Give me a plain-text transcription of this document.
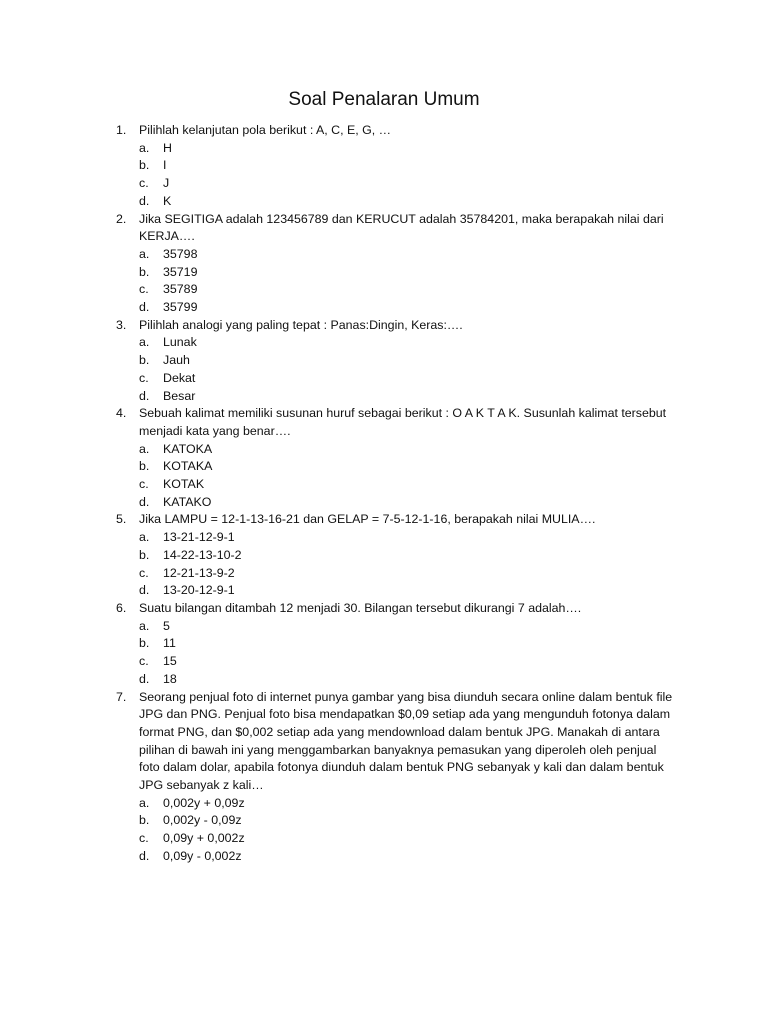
Soal Penalaran Umum
1. Pilihlah kelanjutan pola berikut : A, C, E, G, …
a. H
b. I
c. J
d. K
2. Jika SEGITIGA adalah 123456789 dan KERUCUT adalah 35784201, maka berapakah nilai dari KERJA….
a. 35798
b. 35719
c. 35789
d. 35799
3. Pilihlah analogi yang paling tepat : Panas:Dingin, Keras:….
a. Lunak
b. Jauh
c. Dekat
d. Besar
4. Sebuah kalimat memiliki susunan huruf sebagai berikut : O A K T A K. Susunlah kalimat tersebut menjadi kata yang benar….
a. KATOKA
b. KOTAKA
c. KOTAK
d. KATAKO
5. Jika LAMPU = 12-1-13-16-21 dan GELAP = 7-5-12-1-16, berapakah nilai MULIA….
a. 13-21-12-9-1
b. 14-22-13-10-2
c. 12-21-13-9-2
d. 13-20-12-9-1
6. Suatu bilangan ditambah 12 menjadi 30. Bilangan tersebut dikurangi 7 adalah….
a. 5
b. 11
c. 15
d. 18
7. Seorang penjual foto di internet punya gambar yang bisa diunduh secara online dalam bentuk file JPG dan PNG. Penjual foto bisa mendapatkan $0,09 setiap ada yang mengunduh fotonya dalam format PNG, dan $0,002 setiap ada yang mendownload dalam bentuk JPG. Manakah di antara pilihan di bawah ini yang menggambarkan banyaknya pemasukan yang diperoleh oleh penjual foto dalam dolar, apabila fotonya diunduh dalam bentuk PNG sebanyak y kali dan dalam bentuk JPG sebanyak z kali…
a. 0,002y + 0,09z
b. 0,002y - 0,09z
c. 0,09y + 0,002z
d. 0,09y - 0,002z
